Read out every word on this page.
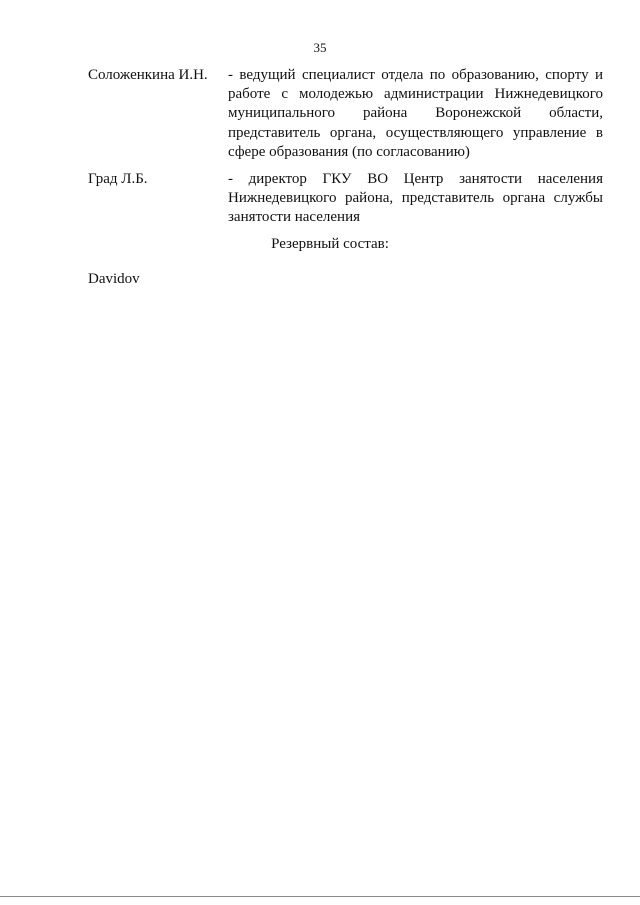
35
Соложенкина И.Н. - ведущий специалист отдела по образованию, спорту и работе с молодежью администрации Нижнедевицкого муниципального района Воронежской области, представитель органа, осуществляющего управление в сфере образования (по согласованию)
Град Л.Б.	- директор ГКУ ВО Центр занятости населения Нижнедевицкого района, представитель органа службы занятости населения
Резервный состав:
Davidov
